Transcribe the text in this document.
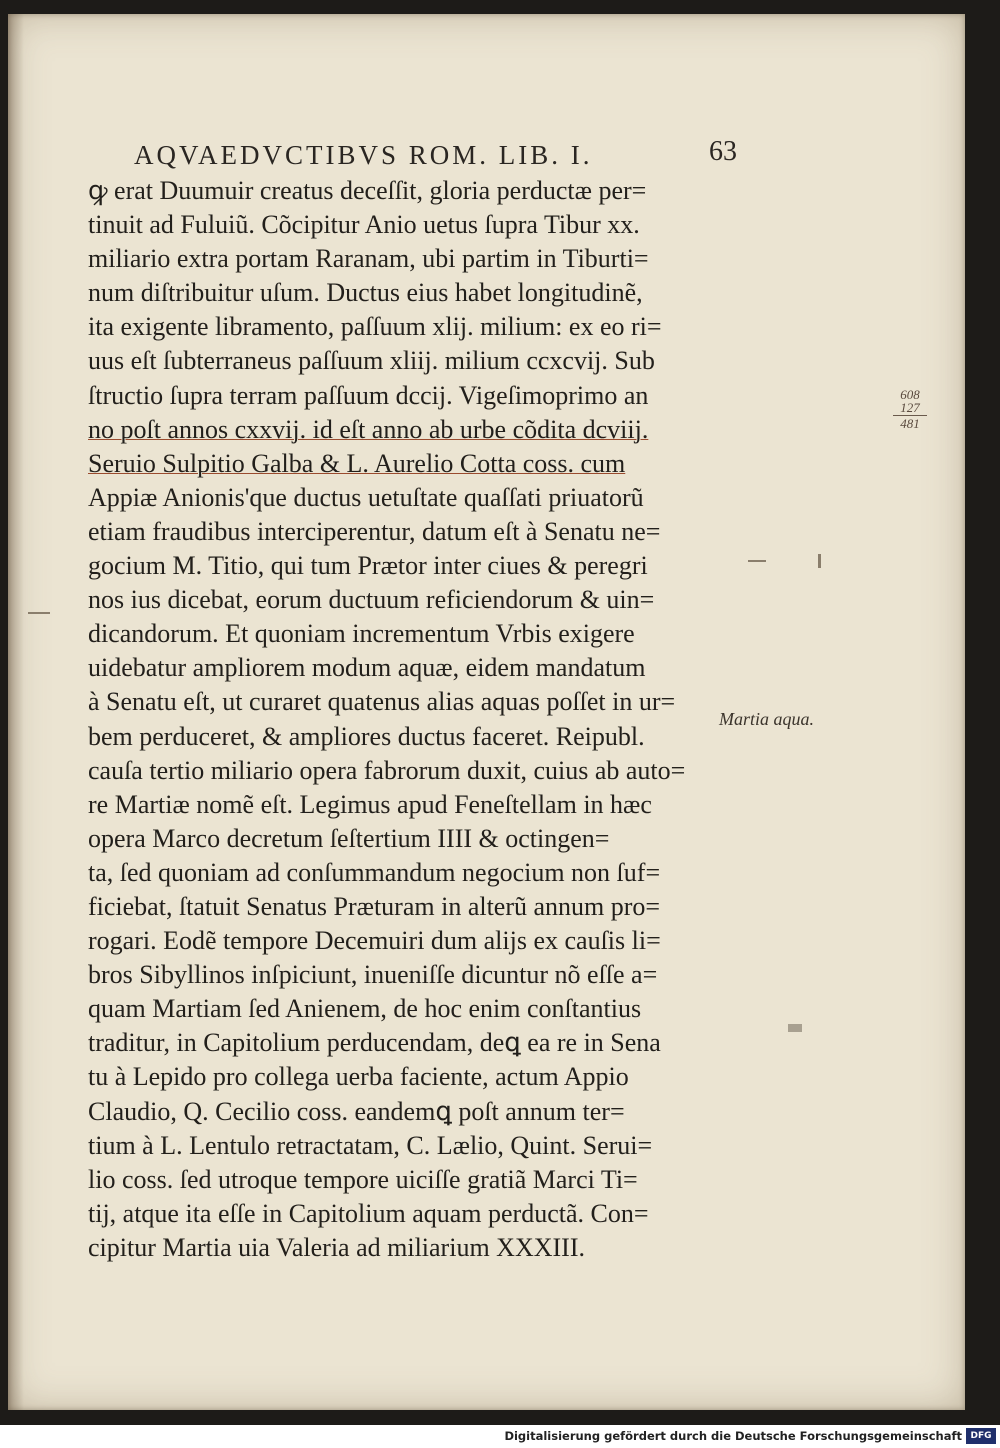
AQVAEDVCTIBVS ROM. LIB. I.	63
ꝙ erat Duumuir creatus deceſſit, gloria perductæ per=
tinuit ad Fuluiũ. Cõcipitur Anio uetus ſupra Tibur xx.
miliario extra portam Raranam, ubi partim in Tiburti=
num diſtribuitur uſum. Ductus eius habet longitudinẽ,
ita exigente libramento, paſſuum xlij. milium: ex eo ri=
uus eſt ſubterraneus paſſuum xliij. milium ccxcvij. Sub
ſtructio ſupra terram paſſuum dccij. Vigeſimoprimo an
no poſt annos cxxvij. id eſt anno ab urbe cõdita dcviij.
Seruio Sulpitio Galba & L. Aurelio Cotta coss. cum
Appiæ Anionis'que ductus uetuſtate quaſſati priuatorũ
etiam fraudibus interciperentur, datum eſt à Senatu ne=
gocium M. Titio, qui tum Prætor inter ciues & peregri
nos ius dicebat, eorum ductuum reficiendorum & uin=
dicandorum. Et quoniam incrementum Vrbis exigere
uidebatur ampliorem modum aquæ, eidem mandatum
à Senatu eſt, ut curaret quatenus alias aquas poſſet in ur=
bem perduceret, & ampliores ductus faceret. Reipubl.
cauſa tertio miliario opera fabrorum duxit, cuius ab auto=
re Martiæ nomẽ eſt. Legimus apud Feneſtellam in hæc
opera Marco decretum ſeſtertium IIII & octingen=
ta, ſed quoniam ad conſummandum negocium non ſuf=
ficiebat, ſtatuit Senatus Præturam in alterũ annum pro=
rogari. Eodẽ tempore Decemuiri dum alijs ex cauſis li=
bros Sibyllinos inſpiciunt, inueniſſe dicuntur nõ eſſe a=
quam Martiam ſed Anienem, de hoc enim conſtantius
traditur, in Capitolium perducendam, deꝗ ea re in Sena
tu à Lepido pro collega uerba faciente, actum Appio
Claudio, Q. Cecilio coss. eandemꝗ poſt annum ter=
tium à L. Lentulo retractatam, C. Lælio, Quint. Serui=
lio coss. ſed utroque tempore uiciſſe gratiã Marci Ti=
tij, atque ita eſſe in Capitolium aquam perductã. Con=
cipitur Martia uia Valeria ad miliarium XXXIII.
608
127
481
Martia aqua.
Digitalisierung gefördert durch die Deutsche Forschungsgemeinschaft DFG
